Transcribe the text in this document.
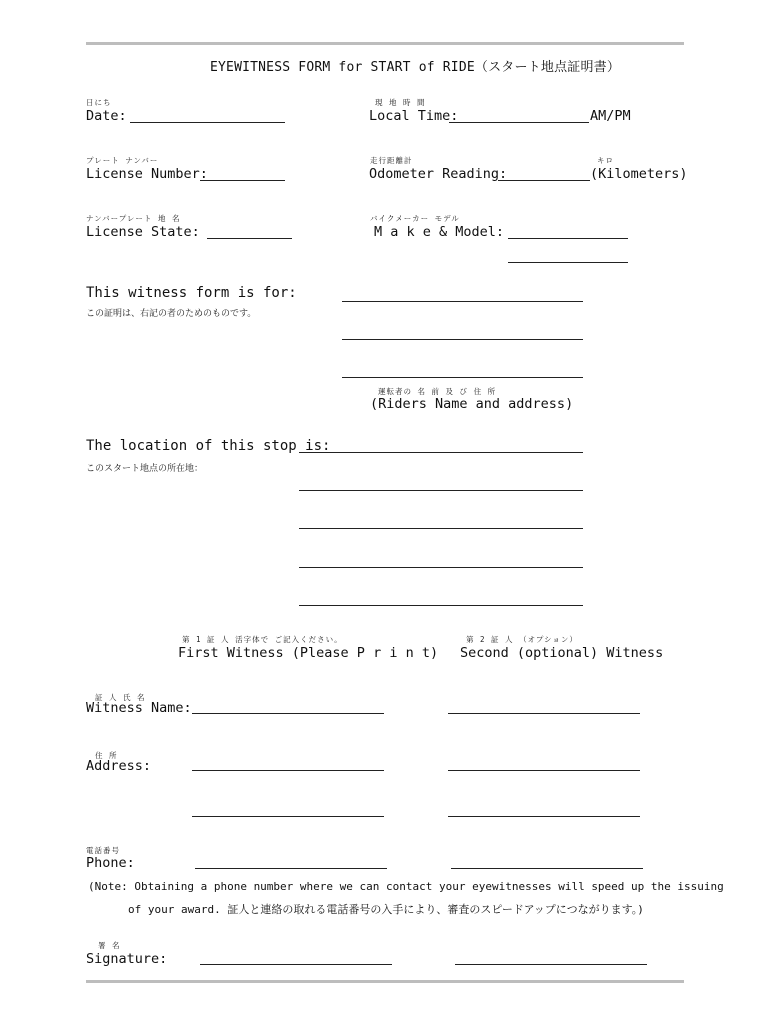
EYEWITNESS FORM for START of RIDE（スタート地点証明書）
日にち
Date:
現 地 時 間
Local Time:	AM/PM
プレート ナンバー
License Number:
走行距離計	キロ
Odometer Reading:	(Kilometers)
ナンバープレート 地 名
License State:
バイクメーカー モデル
M a k e & Model:
This witness form is for:
この証明は、右記の者のためのものです。
運転者の 名 前 及 び 住 所
(Riders Name and address)
The location of this stop is:
このスタート地点の所在地：
第 1 証 人 活字体で ご記入ください。	第 2 証 人 （オプション）
First Witness (Please P r i n t) Second (optional) Witness
証 人 氏 名
Witness Name:
住 所
Address:
電話番号
Phone:
(Note: Obtaining a phone number where we can contact your eyewitnesses will speed up the issuing
of your award. 証人と連絡の取れる電話番号の入手により、審査のスピードアップにつながります。)
署 名
Signature:
